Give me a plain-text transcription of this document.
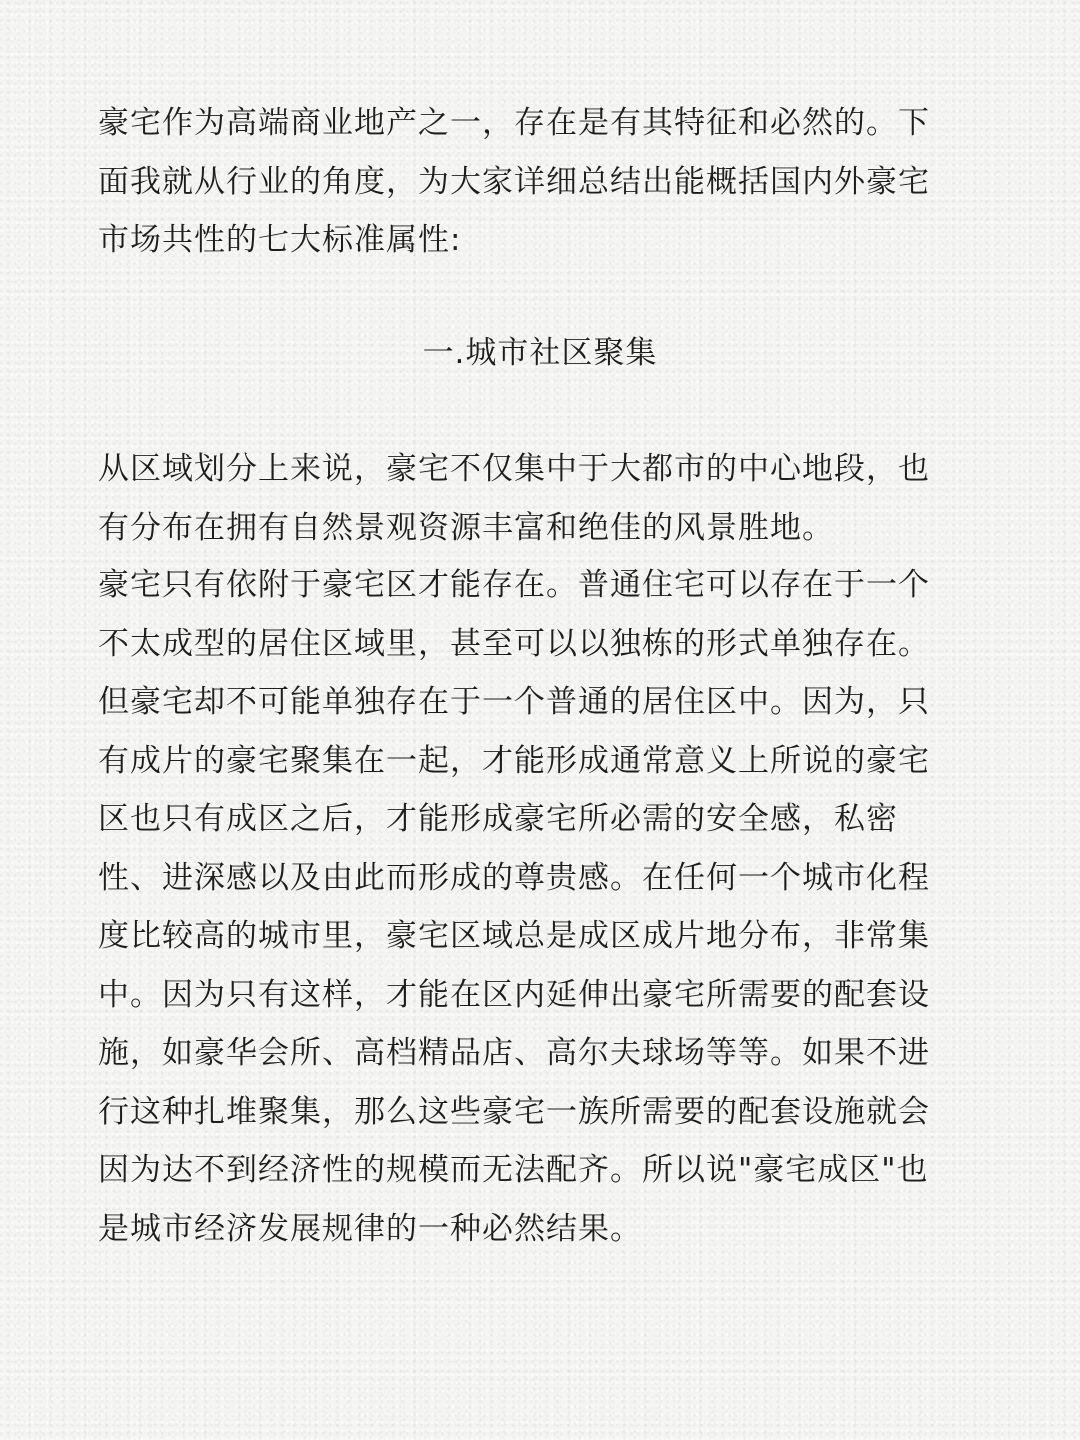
豪宅作为高端商业地产之一，存在是有其特征和必然的。下面我就从行业的角度，为大家详细总结出能概括国内外豪宅市场共性的七大标准属性:

一.城市社区聚集

从区域划分上来说，豪宅不仅集中于大都市的中心地段，也有分布在拥有自然景观资源丰富和绝佳的风景胜地。

豪宅只有依附于豪宅区才能存在。普通住宅可以存在于一个不太成型的居住区域里，甚至可以以独栋的形式单独存在。但豪宅却不可能单独存在于一个普通的居住区中。因为，只有成片的豪宅聚集在一起，才能形成通常意义上所说的豪宅区也只有成区之后，才能形成豪宅所必需的安全感，私密性、进深感以及由此而形成的尊贵感。在任何一个城市化程度比较高的城市里，豪宅区域总是成区成片地分布，非常集中。因为只有这样，才能在区内延伸出豪宅所需要的配套设施，如豪华会所、高档精品店、高尔夫球场等等。如果不进行这种扎堆聚集，那么这些豪宅一族所需要的配套设施就会因为达不到经济性的规模而无法配齐。所以说"豪宅成区"也是城市经济发展规律的一种必然结果。
